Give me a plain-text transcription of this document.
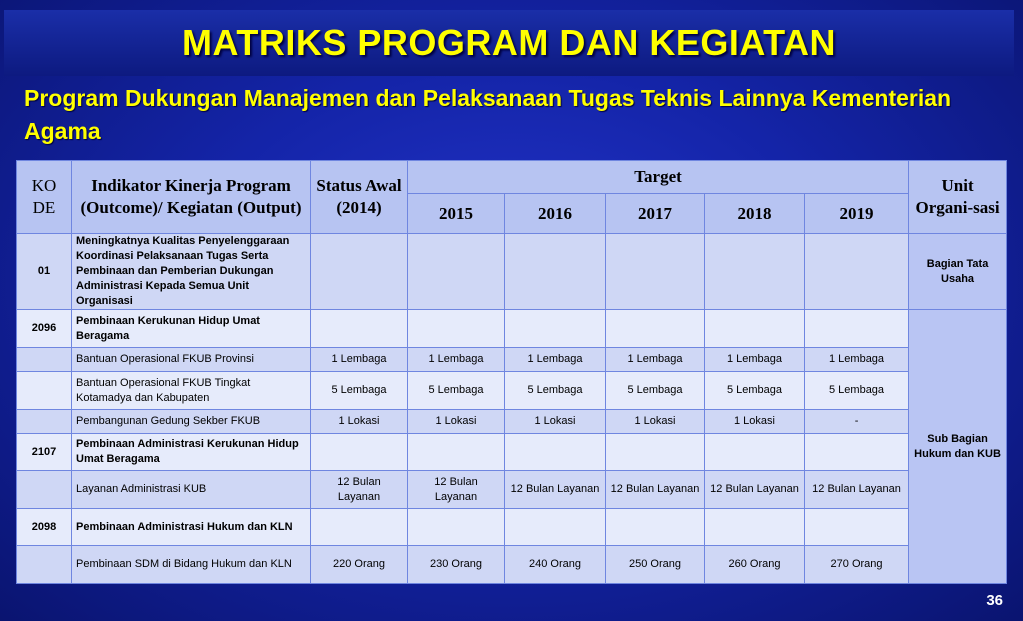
MATRIKS PROGRAM DAN KEGIATAN
Program Dukungan Manajemen dan Pelaksanaan Tugas Teknis Lainnya Kementerian Agama
KO DE	Indikator Kinerja Program (Outcome)/ Kegiatan (Output)	Status Awal (2014)	Target					Unit Organi-sasi
			2015	2016	2017	2018	2019	
01	Meningkatnya Kualitas Penyelenggaraan Koordinasi Pelaksanaan Tugas Serta Pembinaan dan Pemberian Dukungan Administrasi Kepada Semua Unit Organisasi							Bagian Tata Usaha
2096	Pembinaan Kerukunan Hidup Umat Beragama							Sub Bagian Hukum dan KUB
	Bantuan Operasional FKUB Provinsi	1 Lembaga	1 Lembaga	1 Lembaga	1 Lembaga	1 Lembaga	1 Lembaga	
	Bantuan Operasional FKUB Tingkat Kotamadya dan Kabupaten	5 Lembaga	5 Lembaga	5 Lembaga	5 Lembaga	5 Lembaga	5 Lembaga	
	Pembangunan Gedung Sekber FKUB	1 Lokasi	1 Lokasi	1 Lokasi	1 Lokasi	1 Lokasi	-	
2107	Pembinaan Administrasi Kerukunan Hidup Umat Beragama							
	Layanan Administrasi KUB	12 Bulan Layanan	12 Bulan Layanan	12 Bulan Layanan	12 Bulan Layanan	12 Bulan Layanan	12 Bulan Layanan	
2098	Pembinaan Administrasi Hukum dan KLN							
	Pembinaan SDM di Bidang Hukum dan KLN	220 Orang	230 Orang	240 Orang	250 Orang	260 Orang	270 Orang	
36
